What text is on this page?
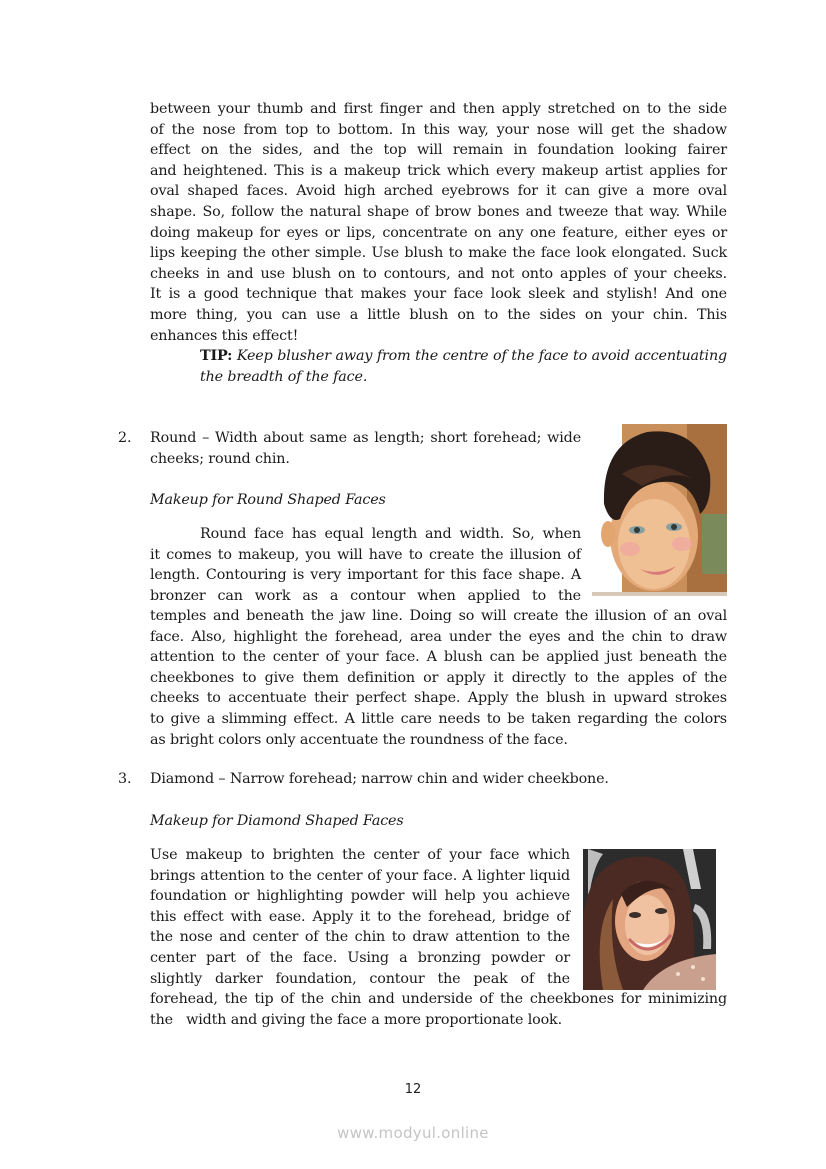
between your thumb and first finger and then apply stretched on to the side
of the nose from top to bottom. In this way, your nose will get the shadow
effect on the sides, and the top will remain in foundation looking fairer
and heightened. This is a makeup trick which every makeup artist applies for
oval shaped faces. Avoid high arched eyebrows for it can give a more oval
shape. So, follow the natural shape of brow bones and tweeze that way. While
doing makeup for eyes or lips, concentrate on any one feature, either eyes or
lips keeping the other simple. Use blush to make the face look elongated. Suck
cheeks in and use blush on to contours, and not onto apples of your cheeks.
It is a good technique that makes your face look sleek and stylish! And one
more thing, you can use a little blush on to the sides on your chin. This
enhances this effect!
TIP: Keep blusher away from the centre of the face to avoid accentuating
the breadth of the face.
2. Round – Width about same as length; short forehead; wide
cheeks; round chin.
Makeup for Round Shaped Faces
Round face has equal length and width. So, when
it comes to makeup, you will have to create the illusion of
length. Contouring is very important for this face shape. A
bronzer can work as a contour when applied to the
temples and beneath the jaw line. Doing so will create the illusion of an oval
face. Also, highlight the forehead, area under the eyes and the chin to draw
attention to the center of your face. A blush can be applied just beneath the
cheekbones to give them definition or apply it directly to the apples of the
cheeks to accentuate their perfect shape. Apply the blush in upward strokes
to give a slimming effect. A little care needs to be taken regarding the colors
as bright colors only accentuate the roundness of the face.
3. Diamond – Narrow forehead; narrow chin and wider cheekbone.
Makeup for Diamond Shaped Faces
Use makeup to brighten the center of your face which
brings attention to the center of your face. A lighter liquid
foundation or highlighting powder will help you achieve
this effect with ease. Apply it to the forehead, bridge of
the nose and center of the chin to draw attention to the
center part of the face. Using a bronzing powder or
slightly darker foundation, contour the peak of the
forehead, the tip of the chin and underside of the cheekbones for minimizing
the   width and giving the face a more proportionate look.
12
www.modyul.online
